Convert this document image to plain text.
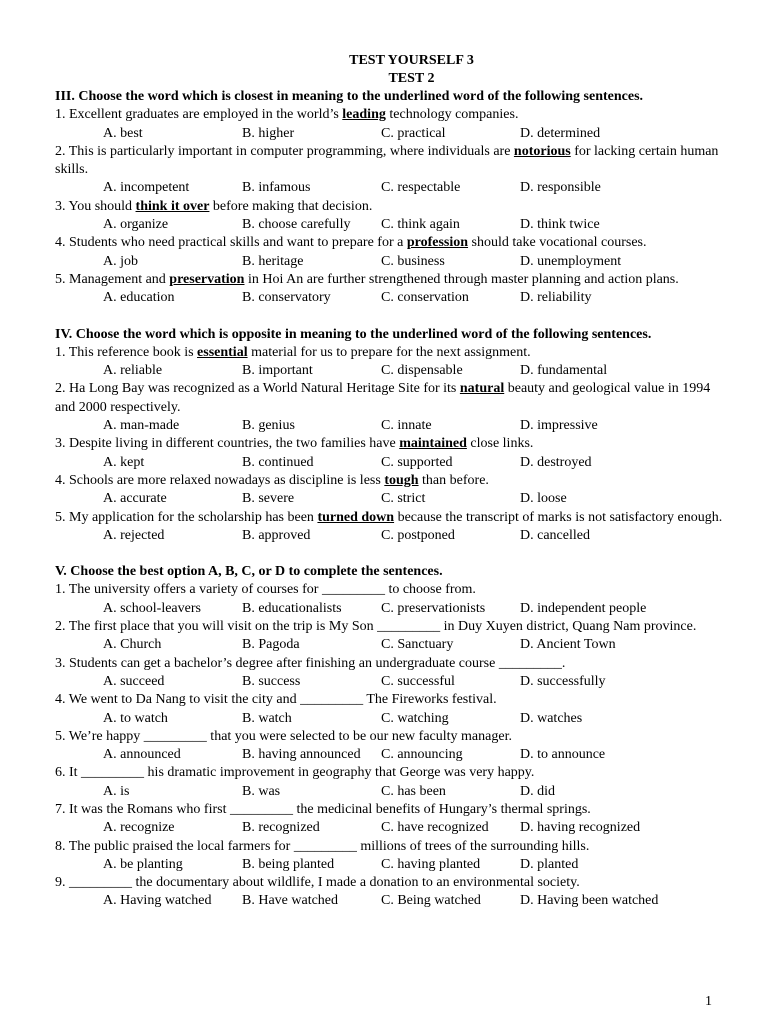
TEST YOURSELF 3
TEST 2
III. Choose the word which is closest in meaning to the underlined word of the following sentences.
1. Excellent graduates are employed in the world’s leading technology companies.
A. best	B. higher	C. practical	D. determined
2. This is particularly important in computer programming, where individuals are notorious for lacking certain human skills.
A. incompetent	B. infamous	C. respectable	D. responsible
3. You should think it over before making that decision.
A. organize	B. choose carefully	C. think again	D. think twice
4. Students who need practical skills and want to prepare for a profession should take vocational courses.
A. job	B. heritage	C. business	D. unemployment
5. Management and preservation in Hoi An are further strengthened through master planning and action plans.
A. education	B. conservatory	C. conservation	D. reliability
IV. Choose the word which is opposite in meaning to the underlined word of the following sentences.
1. This reference book is essential material for us to prepare for the next assignment.
A. reliable	B. important	C. dispensable	D. fundamental
2. Ha Long Bay was recognized as a World Natural Heritage Site for its natural beauty and geological value in 1994 and 2000 respectively.
A. man-made	B. genius	C. innate	D. impressive
3. Despite living in different countries, the two families have maintained close links.
A. kept	B. continued	C. supported	D. destroyed
4. Schools are more relaxed nowadays as discipline is less tough than before.
A. accurate	B. severe	C. strict	D. loose
5. My application for the scholarship has been turned down because the transcript of marks is not satisfactory enough.
A. rejected	B. approved	C. postponed	D. cancelled
V. Choose the best option A, B, C, or D to complete the sentences.
1. The university offers a variety of courses for _________ to choose from.
A. school-leavers	B. educationalists	C. preservationists	D. independent people
2. The first place that you will visit on the trip is My Son _________ in Duy Xuyen district, Quang Nam province.
A. Church	B. Pagoda	C. Sanctuary	D. Ancient Town
3. Students can get a bachelor’s degree after finishing an undergraduate course _________.
A. succeed	B. success	C. successful	D. successfully
4. We went to Da Nang to visit the city and _________ The Fireworks festival.
A. to watch	B. watch	C. watching	D. watches
5. We’re happy _________ that you were selected to be our new faculty manager.
A. announced	B. having announced	C. announcing	D. to announce
6. It _________ his dramatic improvement in geography that George was very happy.
A. is	B. was	C. has been	D. did
7. It was the Romans who first _________ the medicinal benefits of Hungary’s thermal springs.
A. recognize	B. recognized	C. have recognized	D. having recognized
8. The public praised the local farmers for _________ millions of trees of the surrounding hills.
A. be planting	B. being planted	C. having planted	D. planted
9. _________ the documentary about wildlife, I made a donation to an environmental society.
A. Having watched	B. Have watched	C. Being watched	D. Having been watched
1
